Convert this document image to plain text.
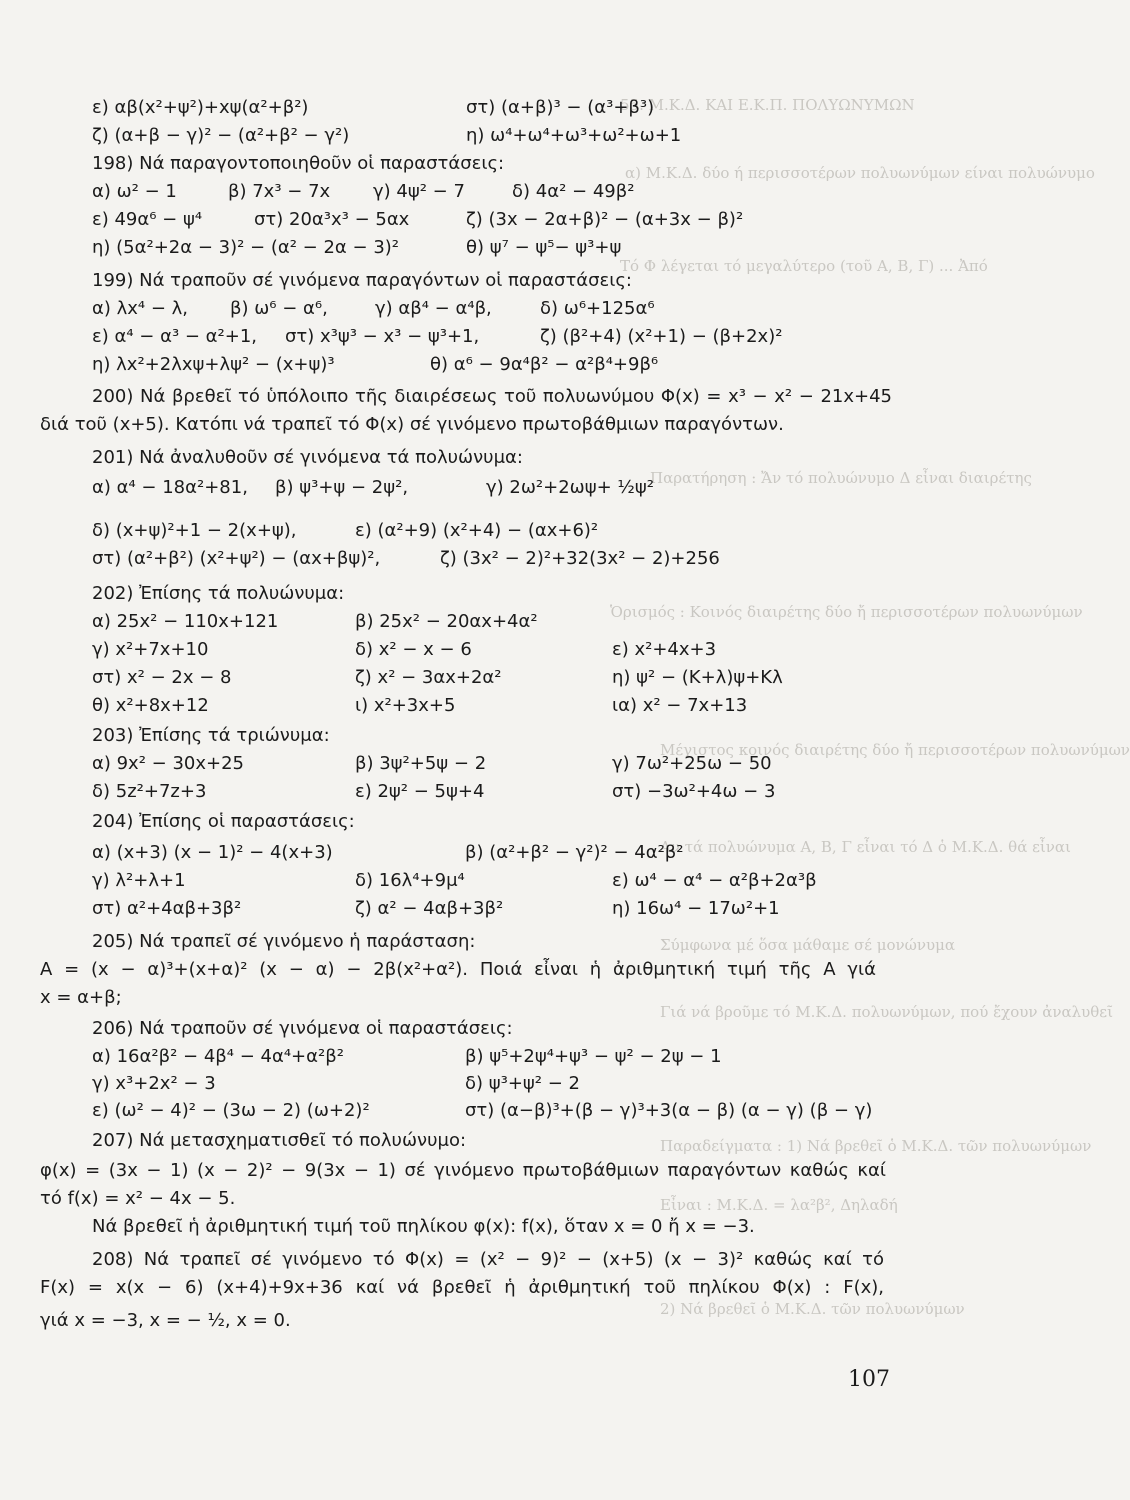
55. Μ.Κ.Δ. ΚΑΙ Ε.Κ.Π. ΠΟΛΥΩΝΥΜΩΝ
α) Μ.Κ.Δ. δύο ή περισσοτέρων πολυωνύμων είναι πολυώνυμο
Τό Φ λέγεται τό μεγαλύτερο (τοῦ Α, Β, Γ) ... Ἀπό
Παρατήρηση : Ἄν τό πολυώνυμο Δ εἶναι διαιρέτης
Ὁρισμός : Κοινός διαιρέτης δύο ἤ περισσοτέρων πολυωνύμων
Μέγιστος κοινός διαιρέτης δύο ἤ περισσοτέρων πολυωνύμων
Αν τά πολυώνυμα Α, Β, Γ εἶναι τό Δ ὁ Μ.Κ.Δ. θά εἶναι
Σύμφωνα μέ ὅσα μάθαμε σέ μονώνυμα
Γιά νά βροῦμε τό Μ.Κ.Δ. πολυωνύμων, πού ἔχουν ἀναλυθεῖ
Παραδείγματα : 1) Νά βρεθεῖ ὁ Μ.Κ.Δ. τῶν πολυωνύμων
Εἶναι : Μ.Κ.Δ. = λα²β², Δηλαδή
2) Νά βρεθεῖ ὁ Μ.Κ.Δ. τῶν πολυωνύμων
ε) αβ(x²+ψ²)+xψ(α²+β²)	στ) (α+β)³ − (α³+β³)
ζ) (α+β − γ)² − (α²+β² − γ²)	η) ω⁴+ω⁴+ω³+ω²+ω+1
198) Νά παραγοντοποιηθοῦν οἱ παραστάσεις:
α) ω² − 1	β) 7x³ − 7x γ) 4ψ² − 7	δ) 4α² − 49β²
ε) 49α⁶ − ψ⁴	στ) 20α³x³ − 5αx	ζ) (3x − 2α+β)² − (α+3x − β)²
η) (5α²+2α − 3)² − (α² − 2α − 3)²	θ) ψ⁷ − ψ⁵− ψ³+ψ
199) Νά τραποῦν σέ γινόμενα παραγόντων οἱ παραστάσεις:
α) λx⁴ − λ, β) ω⁶ − α⁶,	γ) αβ⁴ − α⁴β,	δ) ω⁶+125α⁶
ε) α⁴ − α³ − α²+1, στ) x³ψ³ − x³ − ψ³+1,	ζ) (β²+4) (x²+1) − (β+2x)²
η) λx²+2λxψ+λψ² − (x+ψ)³	θ) α⁶ − 9α⁴β² − α²β⁴+9β⁶
200) Νά βρεθεῖ τό ὑπόλοιπο τῆς διαιρέσεως τοῦ πολυωνύμου Φ(x) = x³ − x² − 21x+45
διά τοῦ (x+5). Κατόπι νά τραπεῖ τό Φ(x) σέ γινόμενο πρωτοβάθμιων παραγόντων.
201) Νά ἀναλυθοῦν σέ γινόμενα τά πολυώνυμα:
α) α⁴ − 18α²+81, β) ψ³+ψ − 2ψ²,	γ) 2ω²+2ωψ+ ½ψ²
δ) (x+ψ)²+1 − 2(x+ψ),	ε) (α²+9) (x²+4) − (αx+6)²
στ) (α²+β²) (x²+ψ²) − (αx+βψ)²,	ζ) (3x² − 2)²+32(3x² − 2)+256
202) Ἐπίσης τά πολυώνυμα:
α) 25x² − 110x+121	β) 25x² − 20αx+4α²
γ) x²+7x+10	δ) x² − x − 6	ε) x²+4x+3
στ) x² − 2x − 8	ζ) x² − 3αx+2α²	η) ψ² − (Κ+λ)ψ+Κλ
θ) x²+8x+12	ι) x²+3x+5	ια) x² − 7x+13
203) Ἐπίσης τά τριώνυμα:
α) 9x² − 30x+25	β) 3ψ²+5ψ − 2	γ) 7ω²+25ω − 50
δ) 5z²+7z+3	ε) 2ψ² − 5ψ+4	στ) −3ω²+4ω − 3
204) Ἐπίσης οἱ παραστάσεις:
α) (x+3) (x − 1)² − 4(x+3)	β) (α²+β² − γ²)² − 4α²β²
γ) λ²+λ+1	δ) 16λ⁴+9μ⁴	ε) ω⁴ − α⁴ − α²β+2α³β
στ) α²+4αβ+3β²	ζ) α² − 4αβ+3β²	η) 16ω⁴ − 17ω²+1
205) Νά τραπεῖ σέ γινόμενο ἡ παράσταση:
A = (x − α)³+(x+α)² (x − α) − 2β(x²+α²). Ποιά εἶναι ἡ ἀριθμητική τιμή τῆς A γιά
x = α+β;
206) Νά τραποῦν σέ γινόμενα οἱ παραστάσεις:
α) 16α²β² − 4β⁴ − 4α⁴+α²β²	β) ψ⁵+2ψ⁴+ψ³ − ψ² − 2ψ − 1
γ) x³+2x² − 3	δ) ψ³+ψ² − 2
ε) (ω² − 4)² − (3ω − 2) (ω+2)²	στ) (α−β)³+(β − γ)³+3(α − β) (α − γ) (β − γ)
207) Νά μετασχηματισθεῖ τό πολυώνυμο:
φ(x) = (3x − 1) (x − 2)² − 9(3x − 1) σέ γινόμενο πρωτοβάθμιων παραγόντων καθώς καί
τό f(x) = x² − 4x − 5.
Νά βρεθεῖ ἡ ἀριθμητική τιμή τοῦ πηλίκου φ(x): f(x), ὅταν x = 0 ἤ x = −3.
208) Νά τραπεῖ σέ γινόμενο τό Φ(x) = (x² − 9)² − (x+5) (x − 3)² καθώς καί τό
F(x) = x(x − 6) (x+4)+9x+36 καί νά βρεθεῖ ἡ ἀριθμητική τοῦ πηλίκου Φ(x) : F(x),
γιά x = −3, x = − ½, x = 0.
107
